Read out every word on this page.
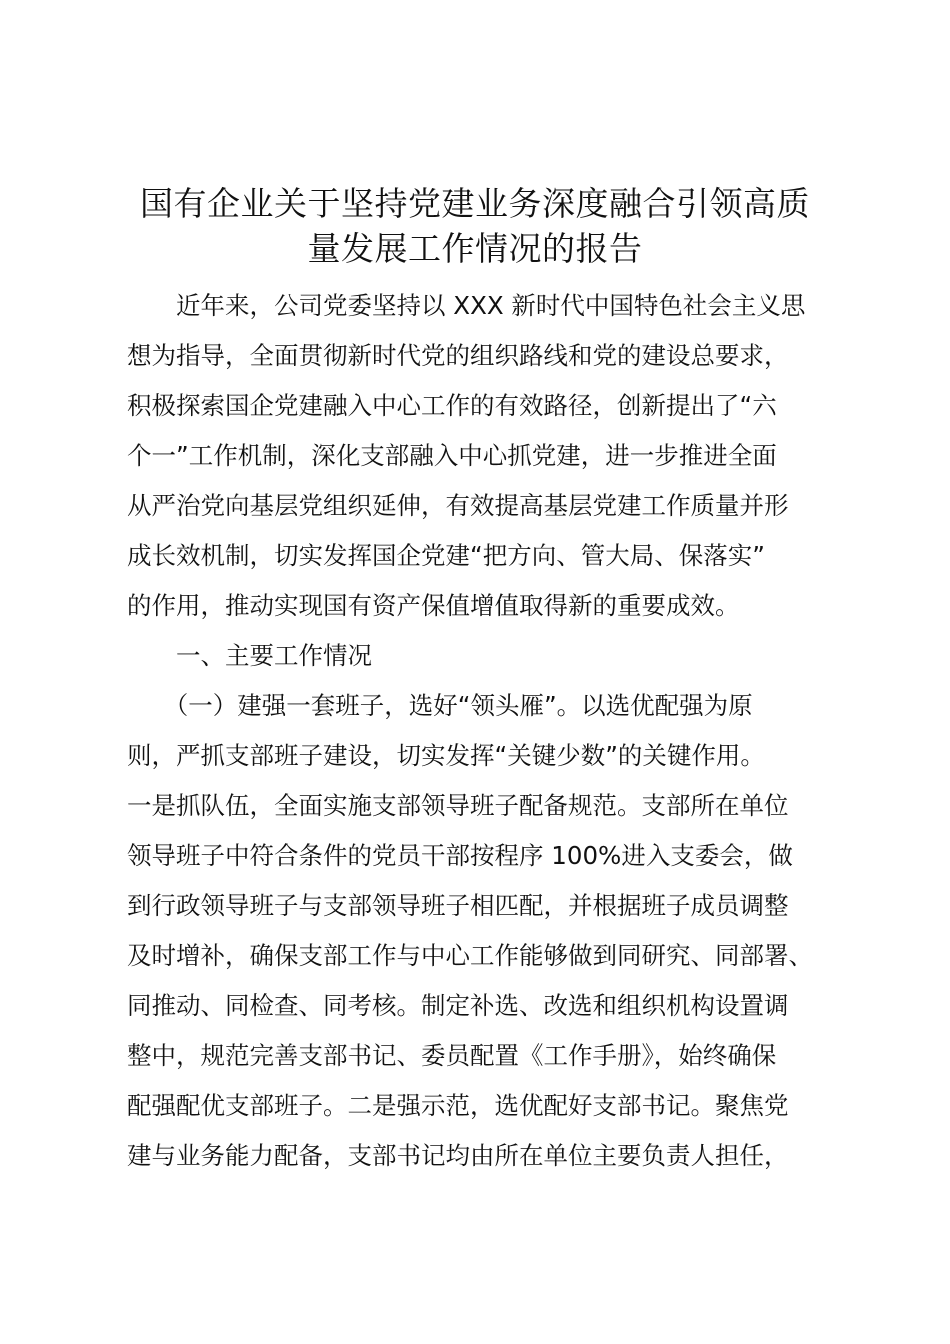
国有企业关于坚持党建业务深度融合引领高质
量发展工作情况的报告
　　近年来，公司党委坚持以 XXX 新时代中国特色社会主义思
想为指导，全面贯彻新时代党的组织路线和党的建设总要求，
积极探索国企党建融入中心工作的有效路径，创新提出了“六
个一”工作机制，深化支部融入中心抓党建，进一步推进全面
从严治党向基层党组织延伸，有效提高基层党建工作质量并形
成长效机制，切实发挥国企党建“把方向、管大局、保落实”
的作用，推动实现国有资产保值增值取得新的重要成效。
　　一、主要工作情况
　　（一）建强一套班子，选好“领头雁”。以选优配强为原
则，严抓支部班子建设，切实发挥“关键少数”的关键作用。
一是抓队伍，全面实施支部领导班子配备规范。支部所在单位
领导班子中符合条件的党员干部按程序 100%进入支委会，做
到行政领导班子与支部领导班子相匹配，并根据班子成员调整
及时增补，确保支部工作与中心工作能够做到同研究、同部署、
同推动、同检查、同考核。制定补选、改选和组织机构设置调
整中，规范完善支部书记、委员配置《工作手册》，始终确保
配强配优支部班子。二是强示范，选优配好支部书记。聚焦党
建与业务能力配备，支部书记均由所在单位主要负责人担任，
